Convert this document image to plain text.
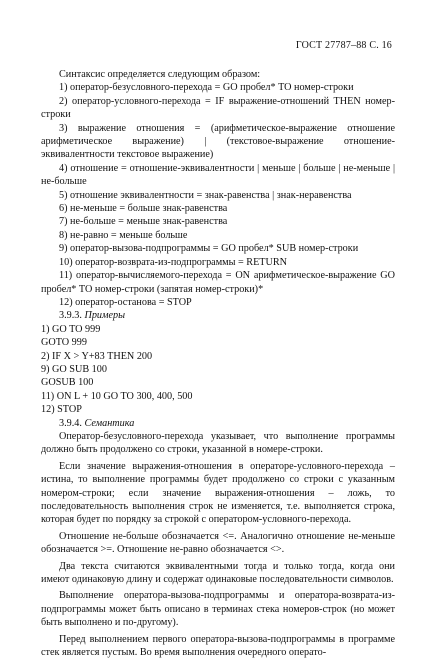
ГОСТ 27787–88 С. 16

Синтаксис определяется следующим образом:

1) оператор-безусловного-перехода = GO пробел* TO номер-строки

2) оператор-условного-перехода = IF выражение-отношений THEN номер-строки

3) выражение отношения = (арифметическое-выражение отношение арифметическое выражение) | (текстовое-выражение отношение-эквивалентности текстовое выражение)

4) отношение = отношение-эквивалентности | меньше | больше | не-меньше | не-больше

5) отношение эквивалентности = знак-равенства | знак-неравенства

6) не-меньше = больше знак-равенства

7) не-больше = меньше знак-равенства

8) не-равно = меньше больше

9) оператор-вызова-подпрограммы = GO пробел* SUB номер-строки

10) оператор-возврата-из-подпрограммы = RETURN

11) оператор-вычисляемого-перехода = ON арифметическое-выражение GO пробел* TO номер-строки (запятая номер-строки)*

12) оператор-останова = STOP

3.9.3. Примеры

1) GO TO 999

GOTO 999

2) IF X > Y+83 THEN 200

9) GO SUB 100

GOSUB 100

11) ON L + 10 GO TO 300, 400, 500

12) STOP

3.9.4. Семантика

Оператор-безусловного-перехода указывает, что выполнение программы должно быть продолжено со строки, указанной в номере-строки.

Если значение выражения-отношения в операторе-условного-перехода – истина, то выполнение программы будет продолжено со строки с указанным номером-строки; если значение выражения-отношения – ложь, то последовательность выполнения строк не изменяется, т.е. выполняется строка, которая будет по порядку за строкой с оператором-условного-перехода.

Отношение не-больше обозначается <=. Аналогично отношение не-меньше обозначается >=. Отношение не-равно обозначается <>.

Два текста считаются эквивалентными тогда и только тогда, когда они имеют одинаковую длину и содержат одинаковые последовательности символов.

Выполнение оператора-вызова-подпрограммы и оператора-возврата-из-подпрограммы может быть описано в терминах стека номеров-строк (но может быть выполнено и по-другому).

Перед выполнением первого оператора-вызова-подпрограммы в программе стек является пустым. Во время выполнения очередного операто-
